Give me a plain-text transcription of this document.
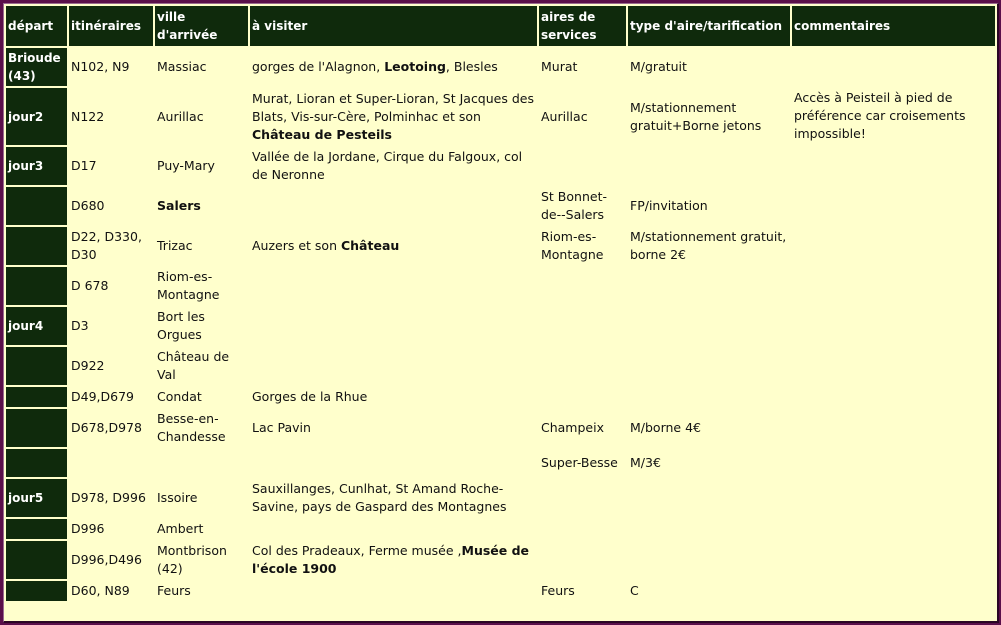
départ	itinéraires	ville d'arrivée	à visiter	aires de services	type d'aire/tarification	commentaires
Brioude (43)	N102, N9	Massiac	gorges de l'Alagnon, Leotoing, Blesles	Murat	M/gratuit	
jour2	N122	Aurillac	Murat, Lioran et Super-Lioran, St Jacques des Blats, Vis-sur-Cère, Polminhac et son Château de Pesteils	Aurillac	M/stationnement gratuit+Borne jetons	Accès à Peisteil à pied de préférence car croisements impossible!
jour3	D17	Puy-Mary	Vallée de la Jordane, Cirque du Falgoux, col de Neronne			
	D680	Salers		St Bonnet-de--Salers	FP/invitation	
	D22, D330, D30	Trizac	Auzers et son Château	Riom-es-Montagne	M/stationnement gratuit, borne 2€	
	D 678	Riom-es-Montagne				
jour4	D3	Bort les Orgues				
	D922	Château de Val				
	D49,D679	Condat	Gorges de la Rhue			
	D678,D978	Besse-en-Chandesse	Lac Pavin	Champeix	M/borne 4€	
				Super-Besse	M/3€	
jour5	D978, D996	Issoire	Sauxillanges, Cunlhat, St Amand Roche-Savine, pays de Gaspard des Montagnes			
	D996	Ambert				
	D996,D496	Montbrison (42)	Col des Pradeaux, Ferme musée ,Musée de l'école 1900			
	D60, N89	Feurs		Feurs	C	
